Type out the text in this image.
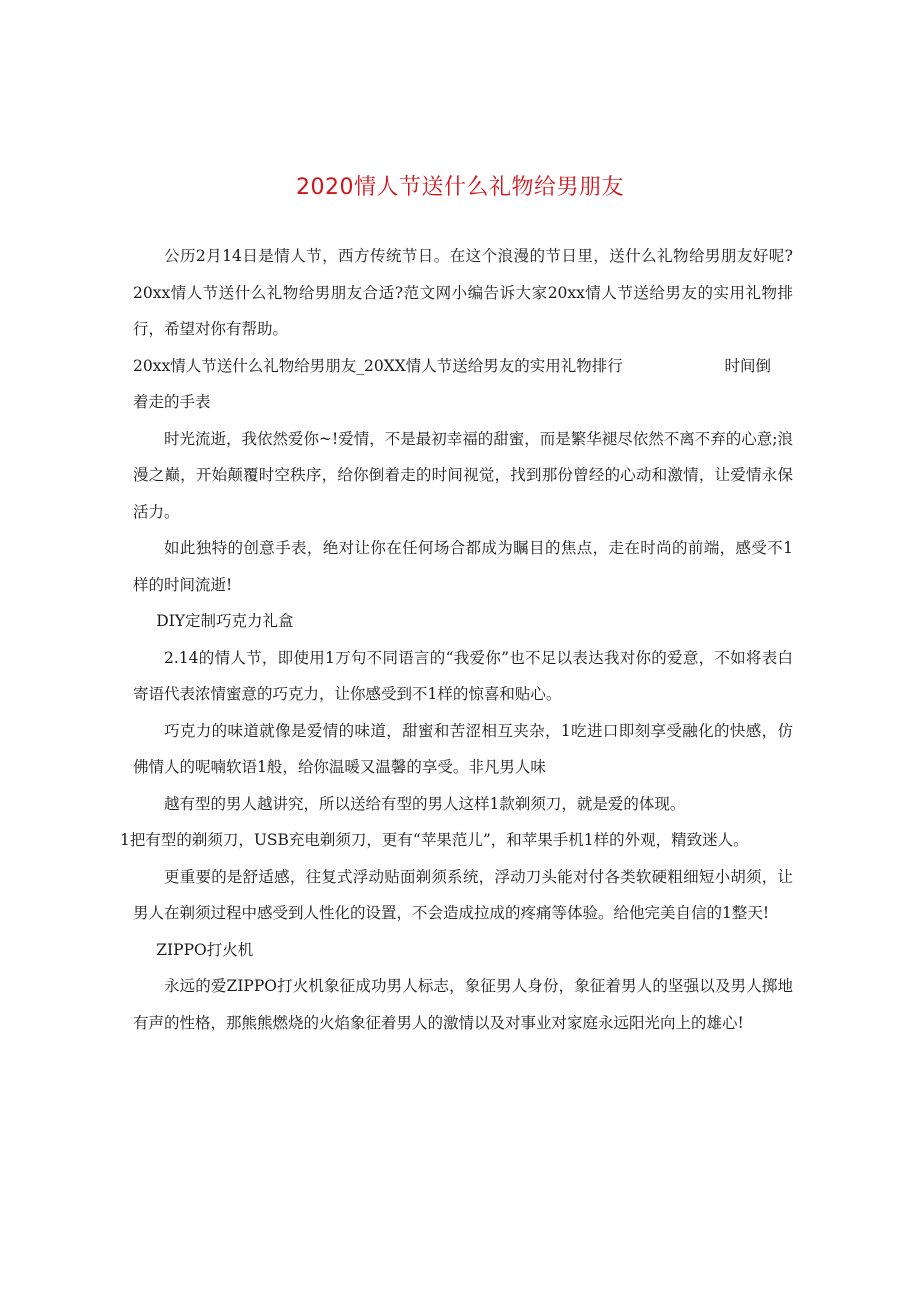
2020情人节送什么礼物给男朋友

公历2月14日是情人节，西方传统节日。在这个浪漫的节日里，送什么礼物给男朋友好呢?20xx情人节送什么礼物给男朋友合适?范文网小编告诉大家20xx情人节送给男友的实用礼物排行，希望对你有帮助。

20xx情人节送什么礼物给男朋友_20XX情人节送给男友的实用礼物排行	时间倒

着走的手表

时光流逝，我依然爱你~!爱情，不是最初幸福的甜蜜，而是繁华褪尽依然不离不弃的心意;浪漫之巅，开始颠覆时空秩序，给你倒着走的时间视觉，找到那份曾经的心动和激情，让爱情永保活力。

如此独特的创意手表，绝对让你在任何场合都成为瞩目的焦点，走在时尚的前端，感受不1样的时间流逝!

DIY定制巧克力礼盒

2.14的情人节，即使用1万句不同语言的“我爱你”也不足以表达我对你的爱意，不如将表白寄语代表浓情蜜意的巧克力，让你感受到不1样的惊喜和贴心。

巧克力的味道就像是爱情的味道，甜蜜和苦涩相互夹杂，1吃进口即刻享受融化的快感，仿佛情人的呢喃软语1般，给你温暖又温馨的享受。非凡男人味

越有型的男人越讲究，所以送给有型的男人这样1款剃须刀，就是爱的体现。

1把有型的剃须刀，USB充电剃须刀，更有“苹果范儿”，和苹果手机1样的外观，精致迷人。

更重要的是舒适感，往复式浮动贴面剃须系统，浮动刀头能对付各类软硬粗细短小胡须，让男人在剃须过程中感受到人性化的设置，不会造成拉成的疼痛等体验。给他完美自信的1整天!

ZIPPO打火机

永远的爱ZIPPO打火机象征成功男人标志，象征男人身份，象征着男人的坚强以及男人掷地有声的性格，那熊熊燃烧的火焰象征着男人的激情以及对事业对家庭永远阳光向上的雄心!
